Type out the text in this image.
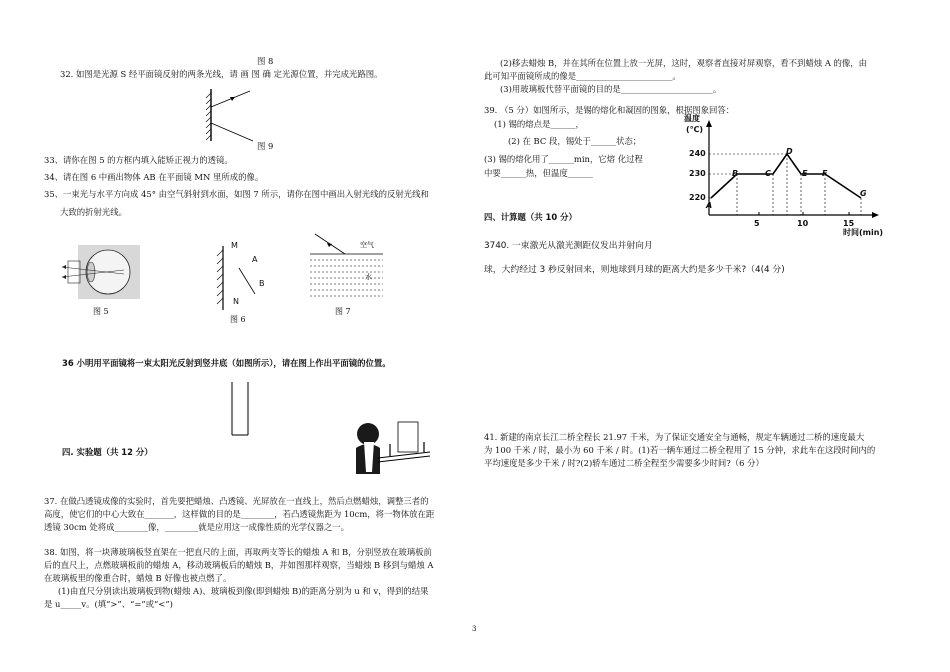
图 8
32. 如图是光源 S 经平面镜反射的两条光线，请 画 图 确 定光源位置，并完成光路图。
图 9
33、请你在图 5 的方框内填入能矫正视力的透镜。
34、请在图 6 中画出物体 AB 在平面镜 MN 里所成的像。
35、一束光与水平方向成 45° 由空气斜射到水面，如图 7 所示，请你在图中画出入射光线的反射光线和
大致的折射光线。
图 5
M
A
B
N
图 6
空气
水
图 7
36 小明用平面镜将一束太阳光反射到竖井底（如图所示），请在图上作出平面镜的位置。
四. 实验题（共 12 分）
37. 在做凸透镜成像的实验时，首先要把蜡烛、凸透镜、光屏放在一直线上，然后点燃蜡烛，调整三者的
高度，使它们的中心大致在_______，这样做的目的是________，若凸透镜焦距为 10cm，将一物体放在距
透镜 30cm 处将成________像，________就是应用这一成像性质的光学仪器之一。
38. 如图，将一块薄玻璃板竖直架在一把直尺的上面，再取两支等长的蜡烛 A 和 B，分别竖放在玻璃板前
后的直尺上，点燃玻璃板前的蜡烛 A，移动玻璃板后的蜡烛 B，并如图那样观察，当蜡烛 B 移到与蜡烛 A
在玻璃板里的像重合时，蜡烛 B 好像也被点燃了。
(1)由直尺分别读出玻璃板到物(蜡烛 A)、玻璃板到像(即到蜡烛 B)的距离分别为 u 和 v，得到的结果
是 u_____v。(填“>”、“=”或“<”)
(2)移去蜡烛 B，并在其所在位置上放一光屏，这时，观察者直接对屏观察，看不到蜡烛 A 的像，由
此可知平面镜所成的像是_______________________。
(3)用玻璃板代替平面镜的目的是______________________。
39. （5 分）如图所示，是锡的熔化和凝固的图象，根据图象回答：
(1) 锡的熔点是______，
(2) 在 BC 段，锡处于______状态；
(3) 锡的熔化用了______min，它熔 化过程
中要______热，但温度______
温度
(℃)
240
230
220
5	10	15
时间(min)
A
B	C
D
E F
G
四、计算题（共 10 分）
3740. 一束激光从激光测距仪发出并射向月
球，大约经过 3 秒反射回来，则地球到月球的距离大约是多少千米?（4(4 分)
41. 新建的南京长江二桥全程长 21.97 千米，为了保证交通安全与通畅，规定车辆通过二桥的速度最大
为 100 千米 / 时，最小为 60 千米 / 时。(1)若一辆车通过二桥全程用了 15 分钟，求此车在这段时间内的
平均速度是多少千米 / 时?(2)轿车通过二桥全程至少需要多少时间?（6 分）
3
